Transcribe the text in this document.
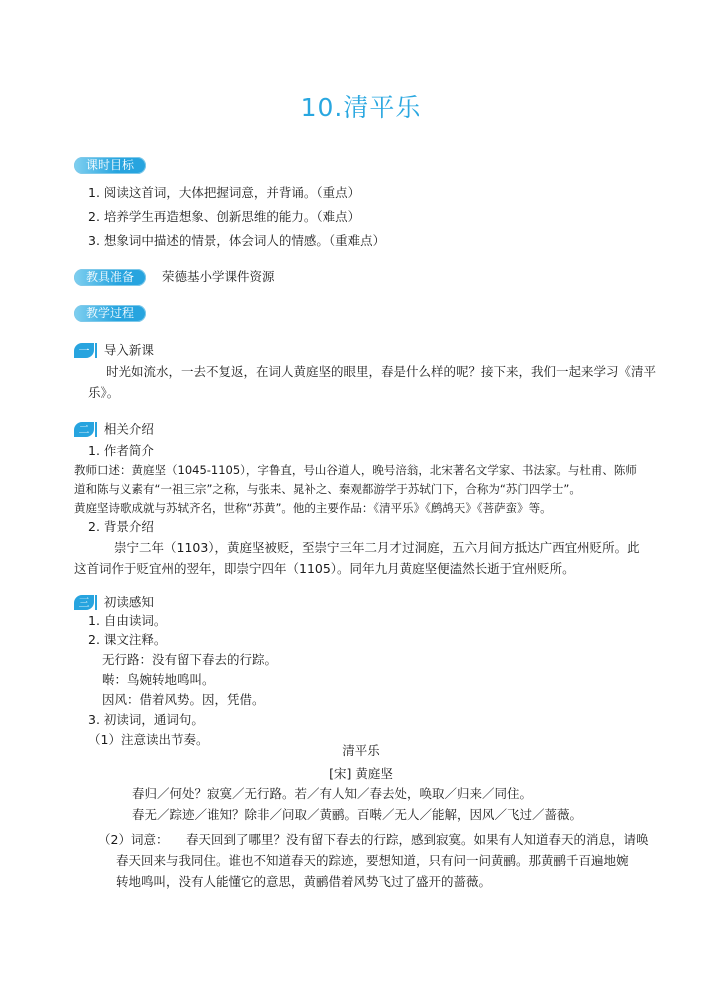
10.清平乐
课时目标
1. 阅读这首词，大体把握词意，并背诵。（重点）
2. 培养学生再造想象、创新思维的能力。（难点）
3. 想象词中描述的情景，体会词人的情感。（重难点）
教具准备	荣德基小学课件资源
教学过程
一 导入新课
时光如流水，一去不复返，在词人黄庭坚的眼里，春是什么样的呢？接下来，我们一起来学习《清平
乐》。
二 相关介绍
1. 作者简介
教师口述：黄庭坚（1045-1105），字鲁直，号山谷道人，晚号涪翁，北宋著名文学家、书法家。与杜甫、陈师
道和陈与义素有“一祖三宗”之称，与张耒、晁补之、秦观都游学于苏轼门下，合称为“苏门四学士”。
黄庭坚诗歌成就与苏轼齐名，世称“苏黄”。他的主要作品：《清平乐》《鹧鸪天》《菩萨蛮》等。
2. 背景介绍
崇宁二年（1103），黄庭坚被贬，至崇宁三年二月才过洞庭，五六月间方抵达广西宜州贬所。此
这首词作于贬宜州的翌年，即崇宁四年（1105）。同年九月黄庭坚便溘然长逝于宜州贬所。
三 初读感知
1. 自由读词。
2. 课文注释。
无行路：没有留下春去的行踪。
啭：鸟婉转地鸣叫。
因风：借着风势。因，凭借。
3. 初读词，通词句。
（1）注意读出节奏。
清平乐
[宋] 黄庭坚
春归／何处？寂寞／无行路。若／有人知／春去处，唤取／归来／同住。
春无／踪迹／谁知？除非／问取／黄鹂。百啭／无人／能解，因风／飞过／蔷薇。
（2）词意： 春天回到了哪里？没有留下春去的行踪，感到寂寞。如果有人知道春天的消息，请唤
春天回来与我同住。谁也不知道春天的踪迹，要想知道，只有问一问黄鹂。那黄鹂千百遍地婉
转地鸣叫，没有人能懂它的意思，黄鹂借着风势飞过了盛开的蔷薇。
